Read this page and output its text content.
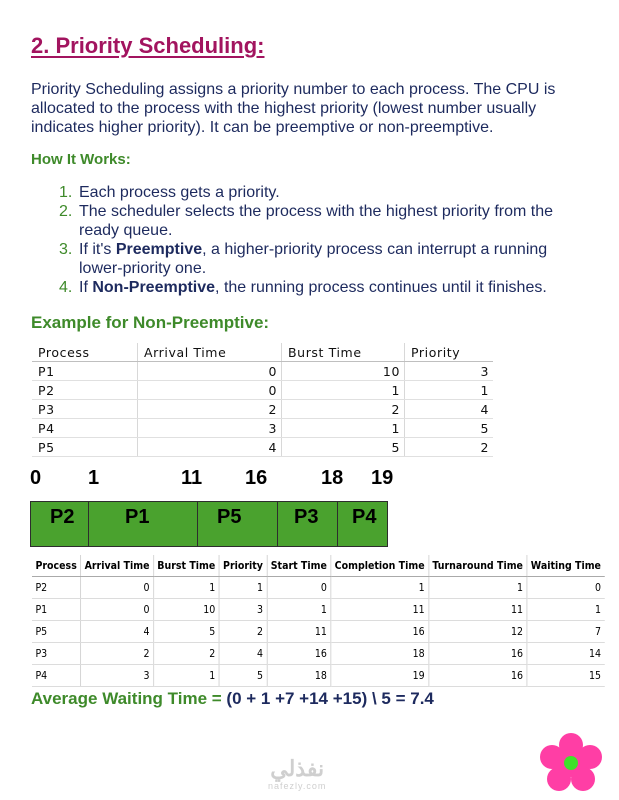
2. Priority Scheduling:
Priority Scheduling assigns a priority number to each process. The CPU is allocated to the process with the highest priority (lowest number usually indicates higher priority). It can be preemptive or non-preemptive.
How It Works:
1. Each process gets a priority.
2. The scheduler selects the process with the highest priority from the ready queue.
3. If it's Preemptive, a higher-priority process can interrupt a running lower-priority one.
4. If Non-Preemptive, the running process continues until it finishes.
Example for Non-Preemptive:
Process	Arrival Time	Burst Time	Priority
P1	0	10	3
P2	0	1	1
P3	2	2	4
P4	3	1	5
P5	4	5	2
0 1	11 16	18 19
P2	P1	P5	P3	P4
Process	Arrival Time	Burst Time	Priority	Start Time	Completion Time	Turnaround Time	Waiting Time
P2	0	1	1	0	1	1	0
P1	0	10	3	1	11	11	1
P5	4	5	2	11	16	12	7
P3	2	2	4	16	18	16	14
P4	3	1	5	18	19	16	15
Average Waiting Time = (0 + 1 +7 +14 +15) \ 5 = 7.4
نفذلي
nafezly.com
